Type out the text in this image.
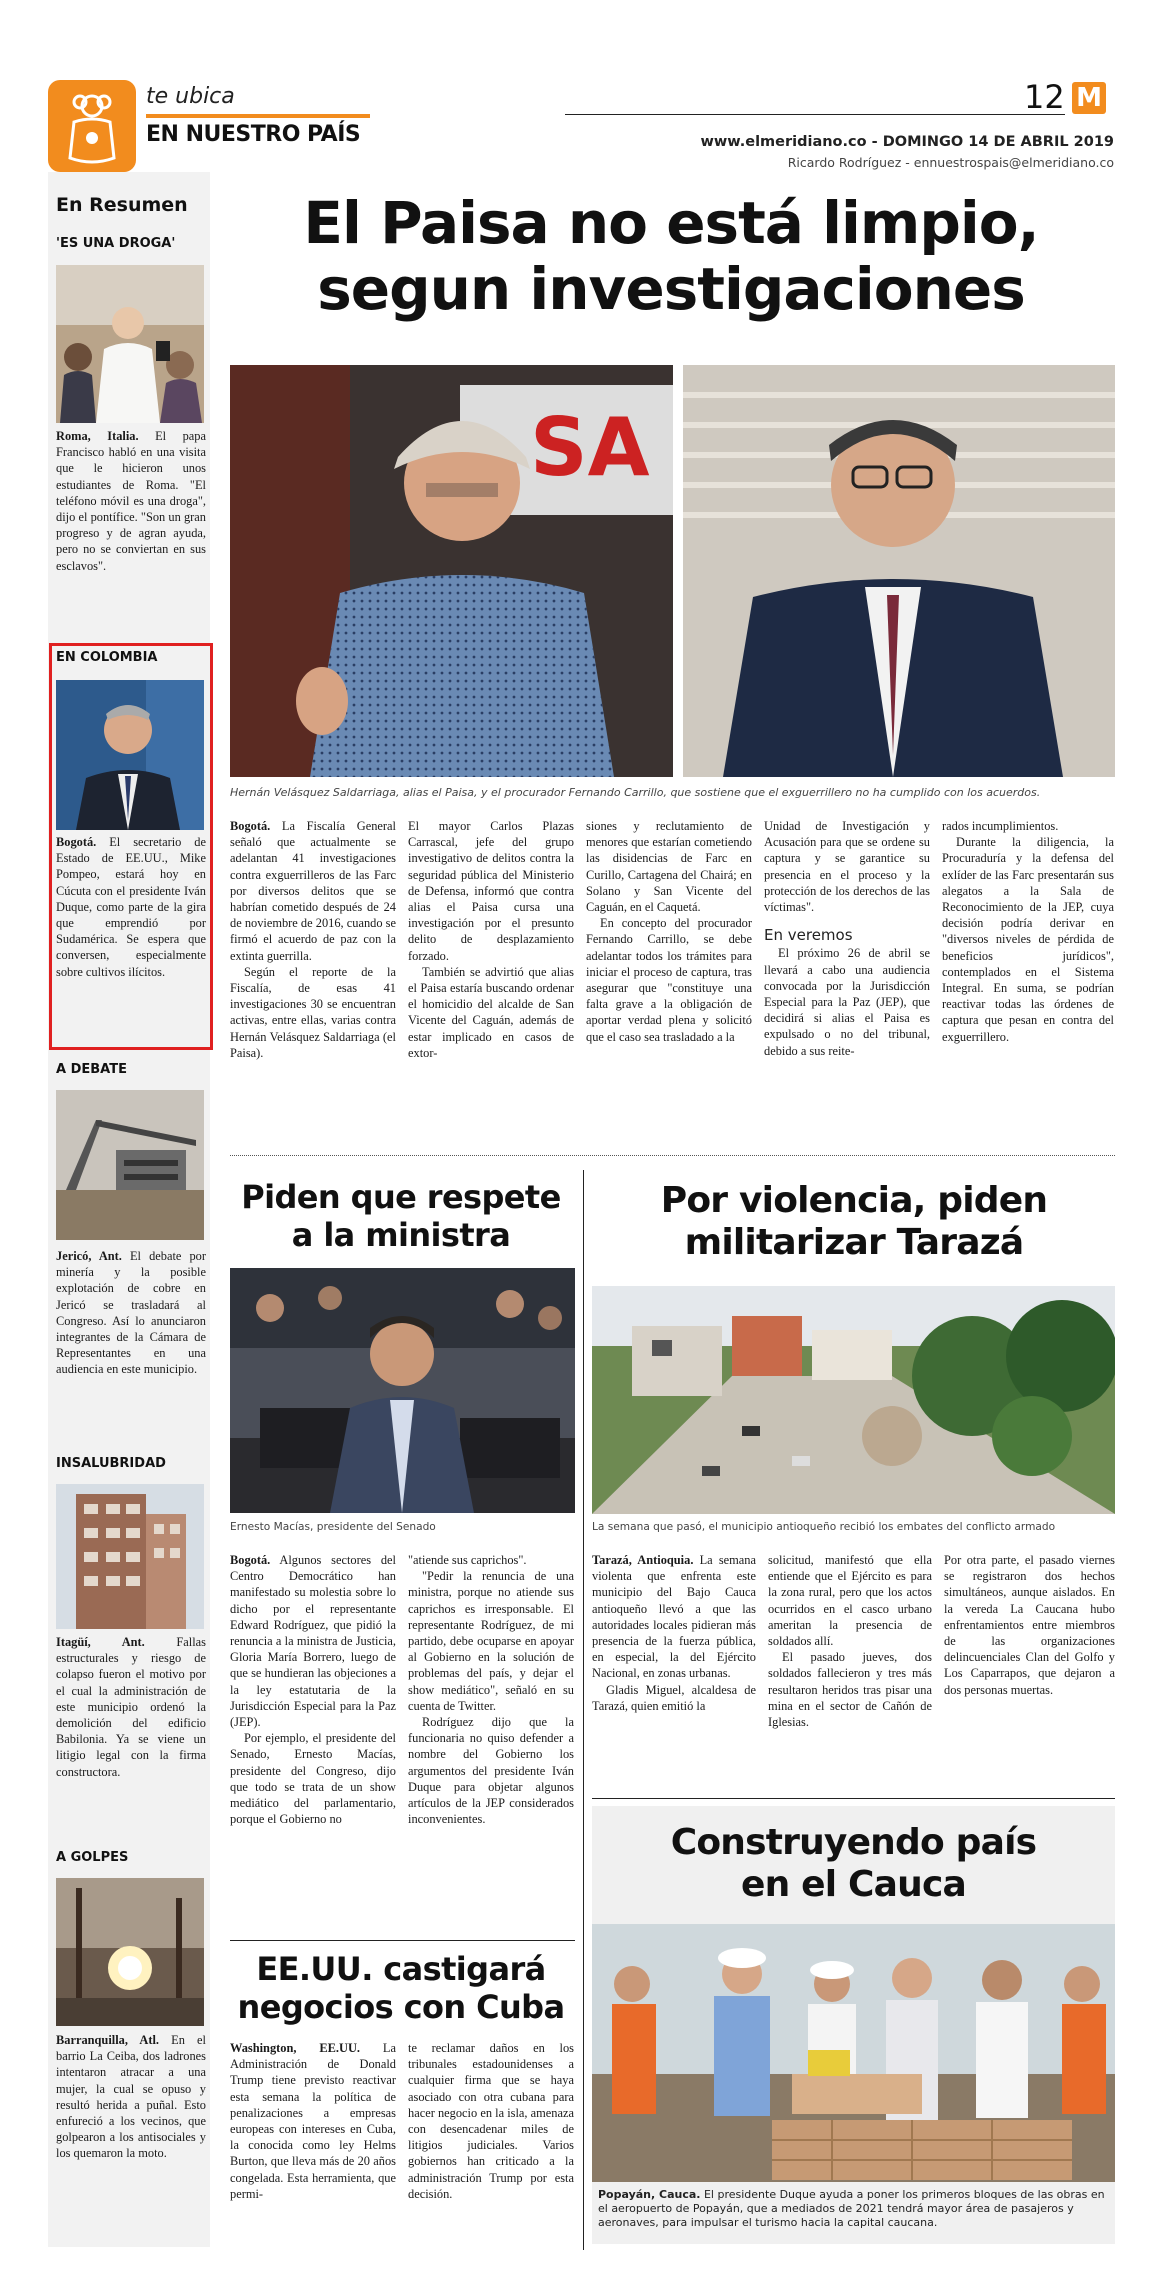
te ubica
EN NUESTRO PAÍS
12 M
www.elmeridiano.co - DOMINGO 14 DE ABRIL 2019
Ricardo Rodríguez - ennuestrospais@elmeridiano.co
En Resumen
'ES UNA DROGA'
Roma, Italia. El papa Francisco habló en una visita que le hicieron unos estudiantes de Roma. "El teléfono móvil es una droga", dijo el pontífice. "Son un gran progreso y de agran ayuda, pero no se conviertan en sus esclavos".
EN COLOMBIA
Bogotá. El secretario de Estado de EE.UU., Mike Pompeo, estará hoy en Cúcuta con el presidente Iván Duque, como parte de la gira que emprendió por Sudamérica. Se espera que conversen, especialmente sobre cultivos ilícitos.
A DEBATE
Jericó, Ant. El debate por minería y la posible explotación de cobre en Jericó se trasladará al Congreso. Así lo anunciaron integrantes de la Cámara de Representantes en una audiencia en este municipio.
INSALUBRIDAD
Itagüí, Ant. Fallas estructurales y riesgo de colapso fueron el motivo por el cual la administración de este municipio ordenó la demolición del edificio Babilonia. Ya se viene un litigio legal con la firma constructora.
A GOLPES
Barranquilla, Atl. En el barrio La Ceiba, dos ladrones intentaron atracar a una mujer, la cual se opuso y resultó herida a puñal. Esto enfureció a los vecinos, que golpearon a los antisociales y los quemaron la moto.
El Paisa no está limpio,
segun investigaciones
SA
Hernán Velásquez Saldarriaga, alias el Paisa, y el procurador Fernando Carrillo, que sostiene que el exguerrillero no ha cumplido con los acuerdos.

Bogotá. La Fiscalía General señaló que actualmente se adelantan 41 investigaciones contra exguerrilleros de las Farc por diversos delitos que se habrían cometido después de 24 de noviembre de 2016, cuando se firmó el acuerdo de paz con la extinta guerrilla.

Según el reporte de la Fiscalía, de esas 41 investigaciones 30 se encuentran activas, entre ellas, varias contra Hernán Velásquez Saldarriaga (el Paisa).

El mayor Carlos Plazas Carrascal, jefe del grupo investigativo de delitos contra la seguridad pública del Ministerio de Defensa, informó que contra alias el Paisa cursa una investigación por el presunto delito de desplazamiento forzado.

También se advirtió que alias el Paisa estaría buscando ordenar el homicidio del alcalde de San Vicente del Caguán, además de estar implicado en casos de extor-

siones y reclutamiento de menores que estarían cometiendo las disidencias de Farc en Curillo, Cartagena del Chairá; en Solano y San Vicente del Caguán, en el Caquetá.

En concepto del procurador Fernando Carrillo, se debe adelantar todos los trámites para iniciar el proceso de captura, tras asegurar que "constituye una falta grave a la obligación de aportar verdad plena y solicitó que el caso sea trasladado a la

Unidad de Investigación y Acusación para que se ordene su captura y se garantice su presencia en el proceso y la protección de los derechos de las víctimas".

En veremos

El próximo 26 de abril se llevará a cabo una audiencia convocada por la Jurisdicción Especial para la Paz (JEP), que decidirá si alias el Paisa es expulsado o no del tribunal, debido a sus reite-

rados incumplimientos.

Durante la diligencia, la Procuraduría y la defensa del exlíder de las Farc presentarán sus alegatos a la Sala de Reconocimiento de la JEP, cuya decisión podría derivar en "diversos niveles de pérdida de beneficios jurídicos", contemplados en el Sistema Integral. En suma, se podrían reactivar todas las órdenes de captura que pesan en contra del exguerrillero.

Piden que respete
a la ministra
Ernesto Macías, presidente del Senado

Bogotá. Algunos sectores del Centro Democrático han manifestado su molestia sobre lo dicho por el representante Edward Rodríguez, que pidió la renuncia a la ministra de Justicia, Gloria María Borrero, luego de que se hundieran las objeciones a la ley estatutaria de la Jurisdicción Especial para la Paz (JEP).

Por ejemplo, el presidente del Senado, Ernesto Macías, presidente del Congreso, dijo que todo se trata de un show mediático del parlamentario, porque el Gobierno no

"atiende sus caprichos".

"Pedir la renuncia de una ministra, porque no atiende sus caprichos es irresponsable. El representante Rodríguez, de mi partido, debe ocuparse en apoyar al Gobierno en la solución de problemas del país, y dejar el show mediático", señaló en su cuenta de Twitter.

Rodríguez dijo que la funcionaria no quiso defender a nombre del Gobierno los argumentos del presidente Iván Duque para objetar algunos artículos de la JEP considerados inconvenientes.

EE.UU. castigará
negocios con Cuba

Washington, EE.UU. La Administración de Donald Trump tiene previsto reactivar esta semana la política de penalizaciones a empresas europeas con intereses en Cuba, la conocida como ley Helms Burton, que lleva más de 20 años congelada. Esta herramienta, que permi-

te reclamar daños en los tribunales estadounidenses a cualquier firma que se haya asociado con otra cubana para hacer negocio en la isla, amenaza con desencadenar miles de litigios judiciales. Varios gobiernos han criticado a la administración Trump por esta decisión.

Por violencia, piden
militarizar Tarazá
La semana que pasó, el municipio antioqueño recibió los embates del conflicto armado

Tarazá, Antioquia. La semana violenta que enfrenta este municipio del Bajo Cauca antioqueño llevó a que las autoridades locales pidieran más presencia de la fuerza pública, en especial, la del Ejército Nacional, en zonas urbanas.

Gladis Miguel, alcaldesa de Tarazá, quien emitió la

solicitud, manifestó que ella entiende que el Ejército es para la zona rural, pero que los actos ocurridos en el casco urbano ameritan la presencia de soldados allí.

El pasado jueves, dos soldados fallecieron y tres más resultaron heridos tras pisar una mina en el sector de Cañón de Iglesias.

Por otra parte, el pasado viernes se registraron dos hechos simultáneos, aunque aislados. En la vereda La Caucana hubo enfrentamientos entre miembros de las organizaciones delincuenciales Clan del Golfo y Los Caparrapos, que dejaron a dos personas muertas.

Construyendo país
en el Cauca
Popayán, Cauca. El presidente Duque ayuda a poner los primeros bloques de las obras en el aeropuerto de Popayán, que a mediados de 2021 tendrá mayor área de pasajeros y aeronaves, para impulsar el turismo hacia la capital caucana.
